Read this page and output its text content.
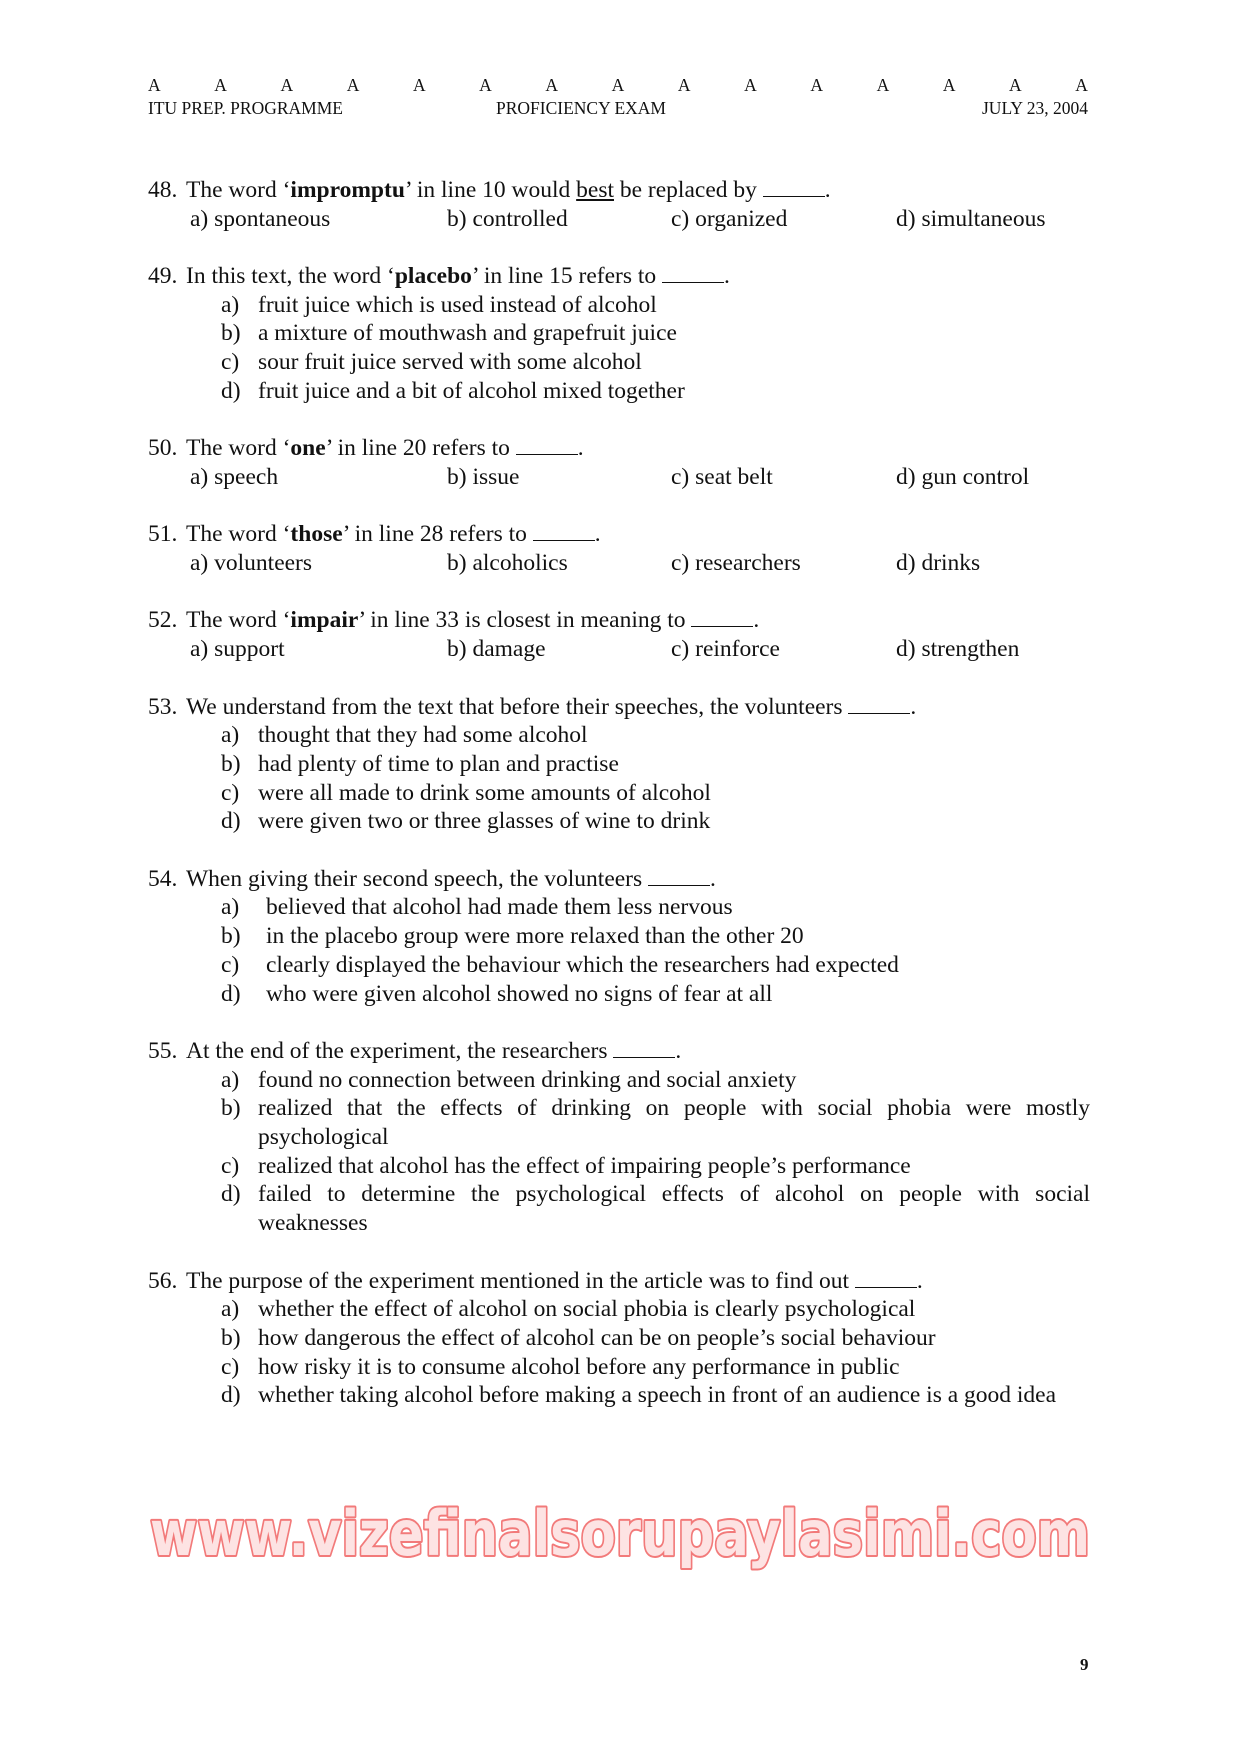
A	A	A	A	A	A	A	A	A	A	A	A	A	A	A
ITU PREP. PROGRAMME	PROFICIENCY EXAM	JULY 23, 2004
48. The word ‘impromptu’ in line 10 would best be replaced by	.
a) spontaneous	b) controlled	c) organized	d) simultaneous
49. In this text, the word ‘placebo’ in line 15 refers to	.
a) fruit juice which is used instead of alcohol
b) a mixture of mouthwash and grapefruit juice
c) sour fruit juice served with some alcohol
d) fruit juice and a bit of alcohol mixed together
50. The word ‘one’ in line 20 refers to	.
a) speech	b) issue	c) seat belt	d) gun control
51. The word ‘those’ in line 28 refers to	.
a) volunteers	b) alcoholics	c) researchers	d) drinks
52. The word ‘impair’ in line 33 is closest in meaning to	.
a) support	b) damage	c) reinforce	d) strengthen
53. We understand from the text that before their speeches, the volunteers	.
a) thought that they had some alcohol
b) had plenty of time to plan and practise
c) were all made to drink some amounts of alcohol
d) were given two or three glasses of wine to drink
54. When giving their second speech, the volunteers	.
a)	believed that alcohol had made them less nervous
b)	in the placebo group were more relaxed than the other 20
c)	clearly displayed the behaviour which the researchers had expected
d)	who were given alcohol showed no signs of fear at all
55. At the end of the experiment, the researchers	.
a) found no connection between drinking and social anxiety
b) realized that the effects of drinking on people with social phobia were mostly psychological
c) realized that alcohol has the effect of impairing people’s performance
d) failed to determine the psychological effects of alcohol on people with social weaknesses
56. The purpose of the experiment mentioned in the article was to find out	.
a) whether the effect of alcohol on social phobia is clearly psychological
b) how dangerous the effect of alcohol can be on people’s social behaviour
c) how risky it is to consume alcohol before any performance in public
d) whether taking alcohol before making a speech in front of an audience is a good idea
www.vizefinalsorupaylasimi.com
9
